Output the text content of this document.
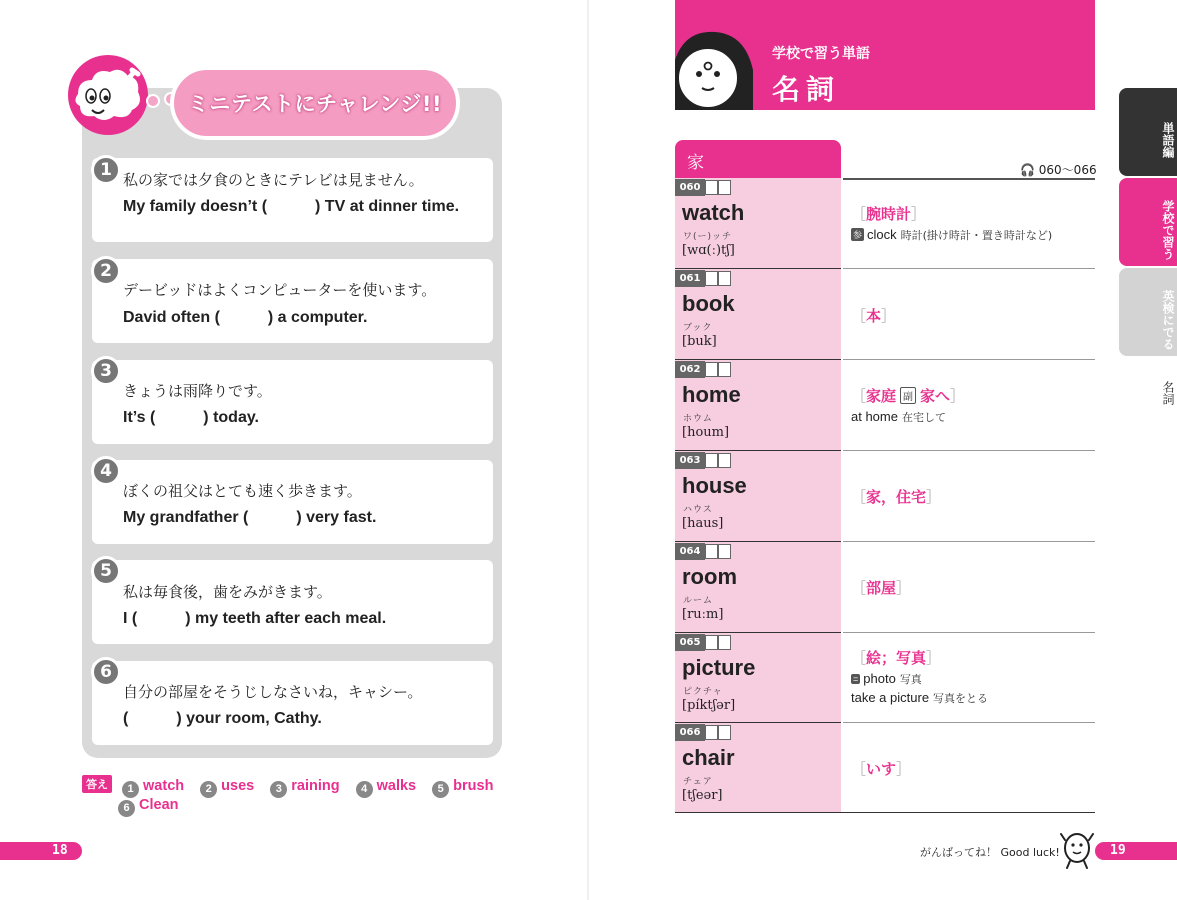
ミニテストにチャレンジ!!
1 私の家では夕食のときにテレビは見ません。
My family doesn’t (　　　) TV at dinner time.
2
デービッドはよくコンピューターを使います。
David often (　　　) a computer.
3
きょうは雨降りです。
It’s (　　　) today.
4
ぼくの祖父はとても速く歩きます。
My grandfather (　　　) very fast.
5
私は毎食後，歯をみがきます。
I (　　　) my teeth after each meal.
6
自分の部屋をそうじしなさいね，キャシー。
(　　　) your room, Cathy.
答え 1 watch 2 uses 3 raining 4 walks 5 brush
6 Clean
18
学校で習う単語
名詞
単語編
学校で習う
英検にでる
名詞
家	🎧 060〜066
060
watch
ワ(ー)ッチ
[wɑ(ː)tʃ]
［腕時計］
参 clock 時計(掛け時計・置き時計など)
061
book
ブック
[buk]
［本］
062
home
ホウム
[houm]
［家庭 副 家へ］
at home 在宅して
063
house
ハウス
[haus]
［家，住宅］
064
room
ルーム
[ruːm]
［部屋］
065
picture
ピクチャ
[píktʃər]
［絵；写真］
= photo 写真
take a picture 写真をとる
066
chair
チェア
[tʃeər]
［いす］
がんばってね！ Good luck!	19
